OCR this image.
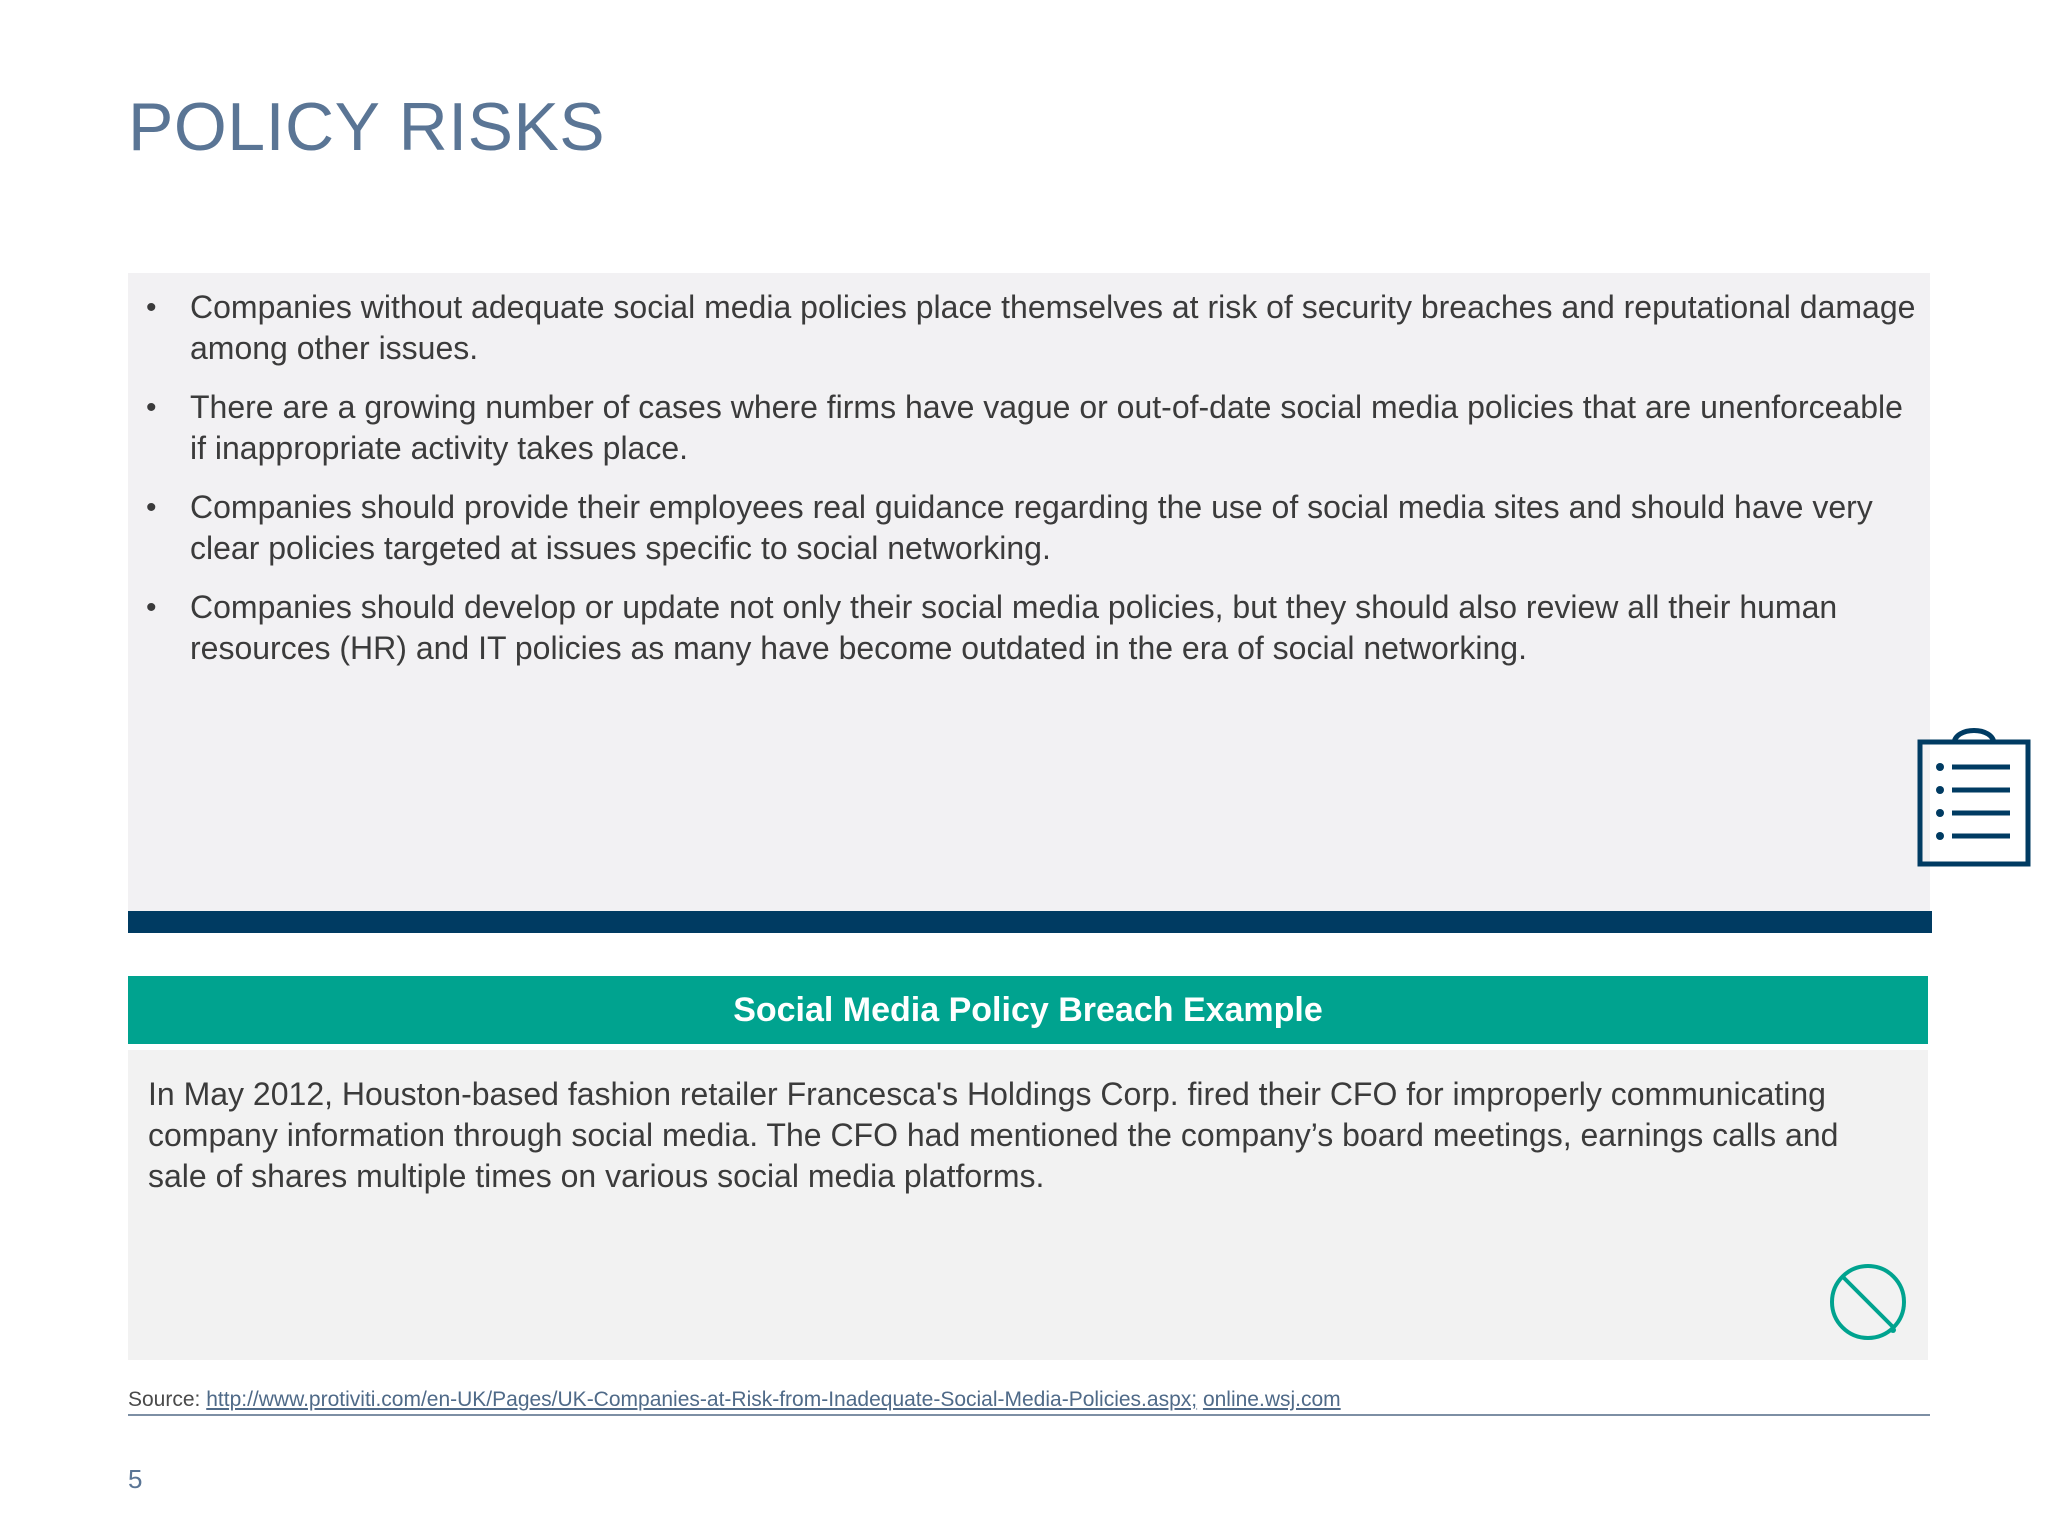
POLICY RISKS
• Companies without adequate social media policies place themselves at risk of security breaches and reputational damage among other issues.
• There are a growing number of cases where firms have vague or out-of-date social media policies that are unenforceable if inappropriate activity takes place.
• Companies should provide their employees real guidance regarding the use of social media sites and should have very clear policies targeted at issues specific to social networking.
• Companies should develop or update not only their social media policies, but they should also review all their human resources (HR) and IT policies as many have become outdated in the era of social networking.
Social Media Policy Breach Example

In May 2012, Houston-based fashion retailer Francesca's Holdings Corp. fired their CFO for improperly communicating company information through social media. The CFO had mentioned the company’s board meetings, earnings calls and sale of shares multiple times on various social media platforms.

Source: http://www.protiviti.com/en-UK/Pages/UK-Companies-at-Risk-from-Inadequate-Social-Media-Policies.aspx; online.wsj.com
5
